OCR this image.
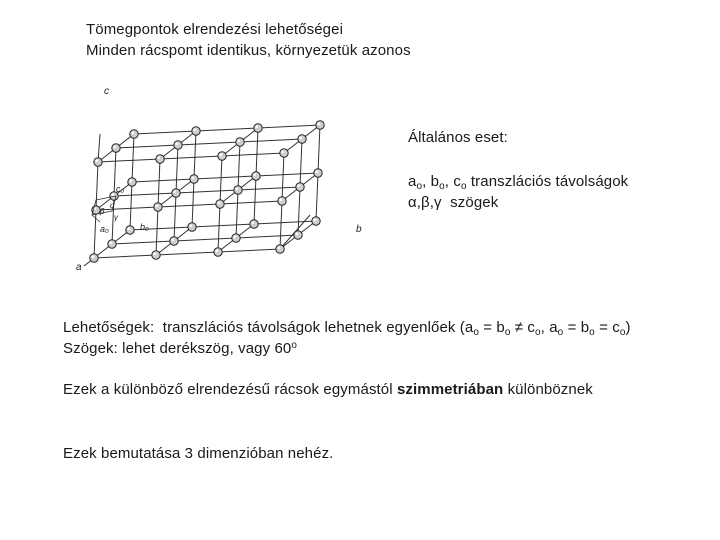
Tömegpontok elrendezési lehetőségei
Minden rácspomt identikus, környezetük azonos
c
b
a
c₀
b₀
a₀
α
β
γ
Általános eset:
$a_o$, $b_o$, $c_o$ transzlációs távolságok
α,β,γ  szögek
Lehetőségek:  transzlációs távolságok lehetnek egyenlőek ($a_o = b_o \ne c_o$, $a_o = b_o = c_o$)
Szögek: lehet derékszög, vagy 60$^o$
Ezek a különböző elrendezésű rácsok egymástól szimmetriában különböznek
Ezek bemutatása 3 dimenzióban nehéz.
